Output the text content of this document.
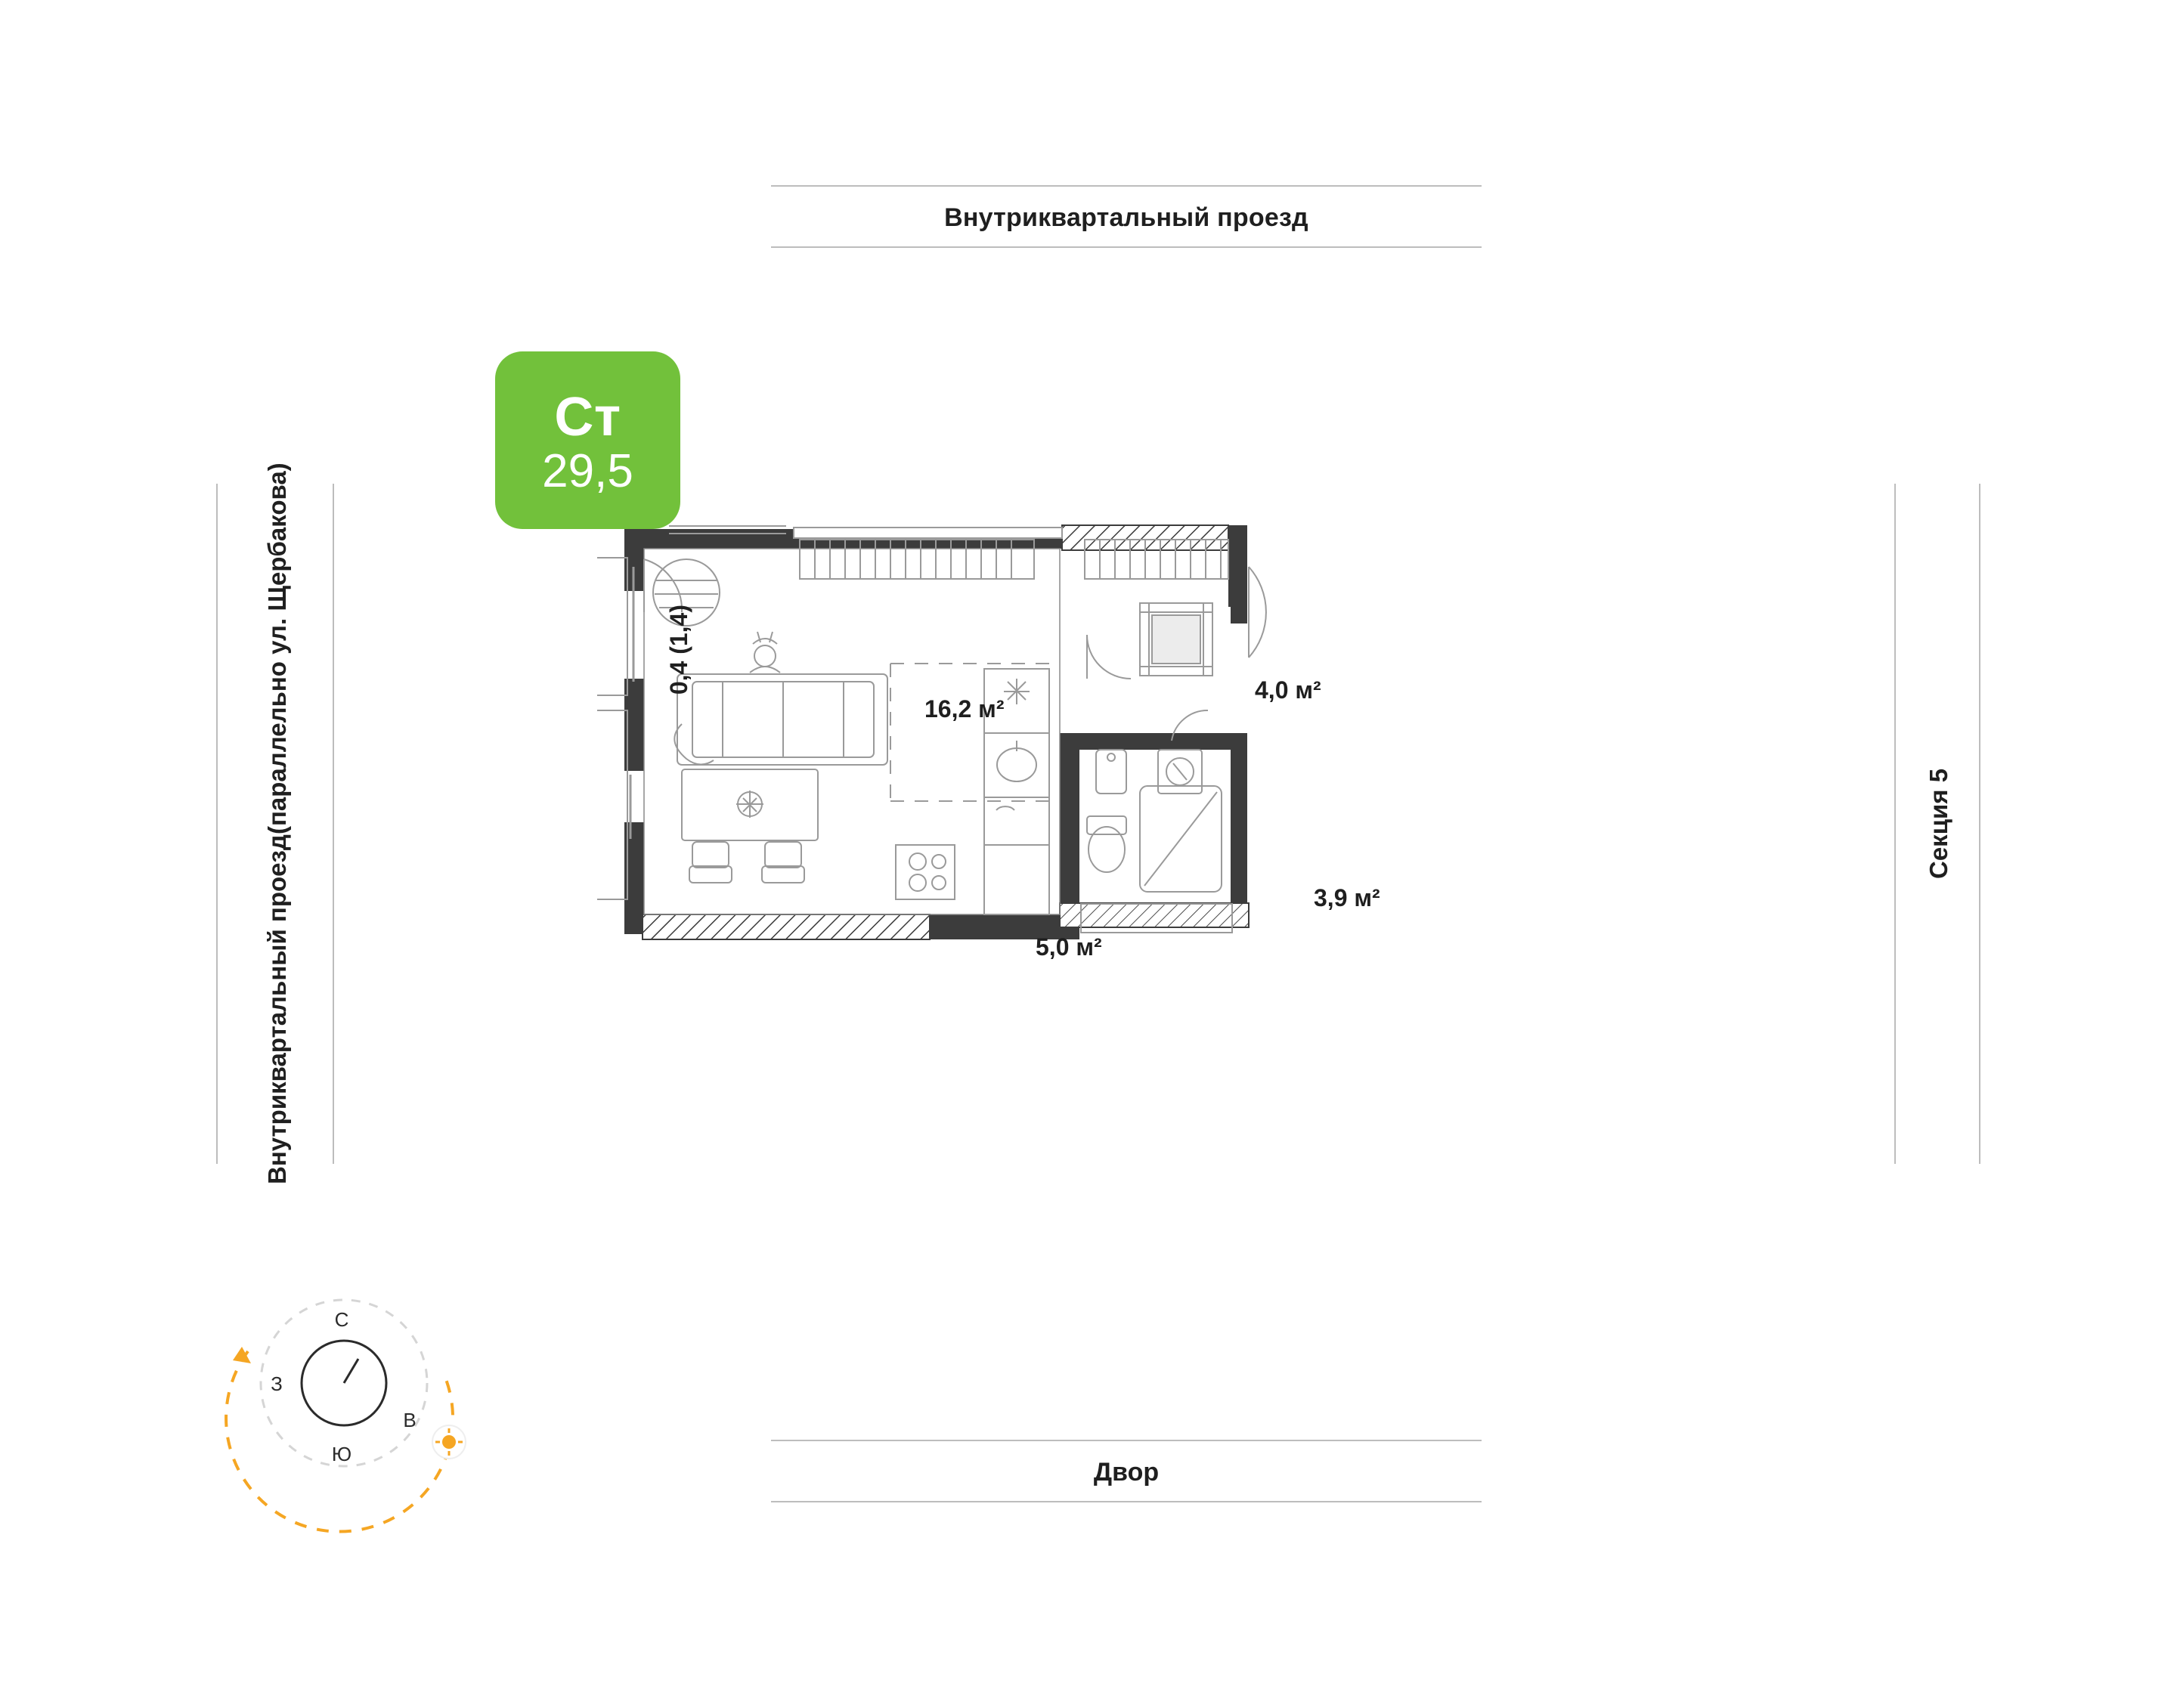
Внутриквартальный проезд
Двор
Внутриквартальный проезд

(параллельно ул. Щербакова)	Секция 5
Ст
29,5
16,2 м²
5,0 м²
4,0 м²
3,9 м²
0,4 (1,4)
С
Ю
З
В
